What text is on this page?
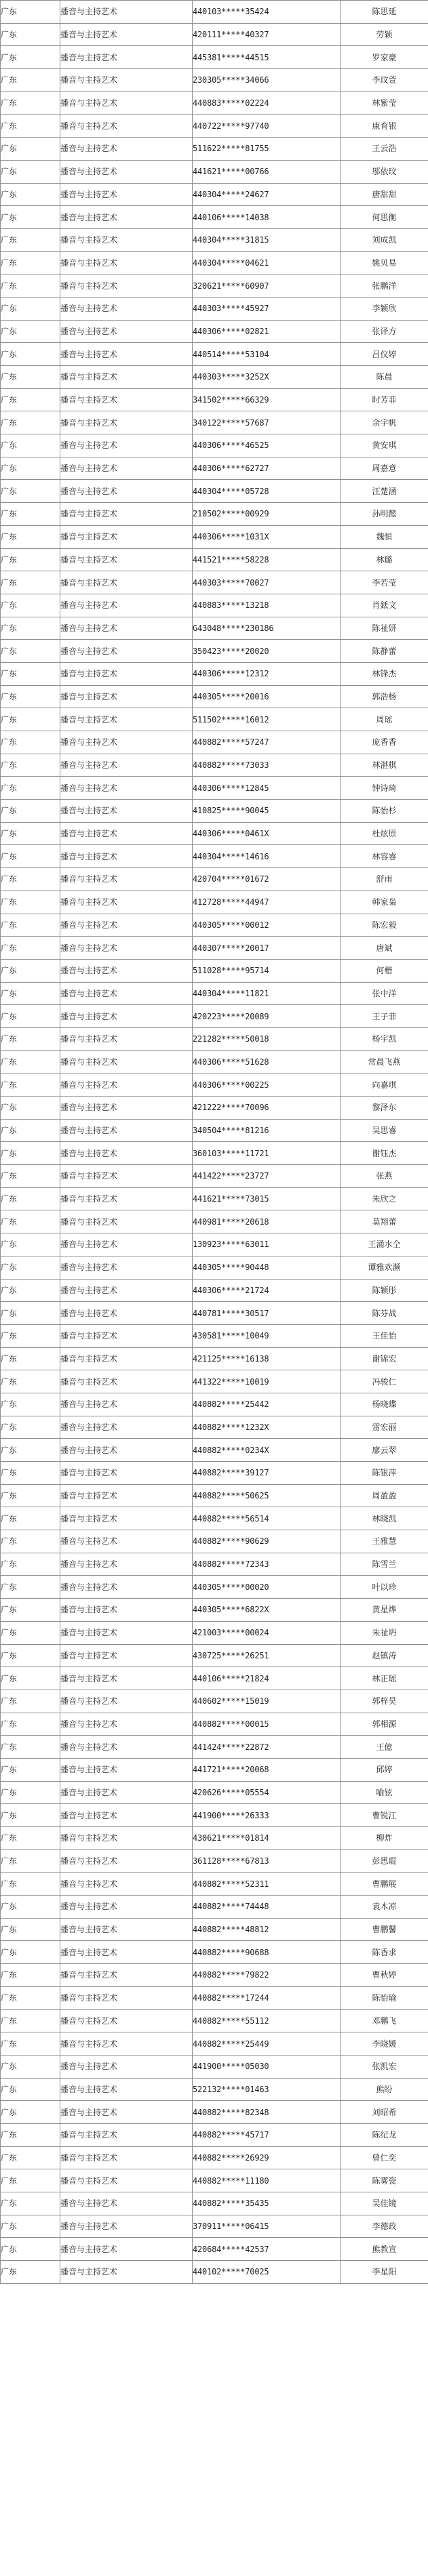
广东	播音与主持艺术	440103*****35424	陈思延
广东	播音与主持艺术	420111*****40327	劳颖
广东	播音与主持艺术	445381*****44515	罗家豪
广东	播音与主持艺术	230305*****34066	李玟萱
广东	播音与主持艺术	440883*****02224	林紫莹
广东	播音与主持艺术	440722*****97740	康育银
广东	播音与主持艺术	511622*****81755	王云浩
广东	播音与主持艺术	441621*****00766	邬依玟
广东	播音与主持艺术	440304*****24627	唐甜甜
广东	播音与主持艺术	440106*****14038	何思衡
广东	播音与主持艺术	440304*****31815	刘成凯
广东	播音与主持艺术	440304*****04621	姚贝易
广东	播音与主持艺术	320621*****60907	张鹏洋
广东	播音与主持艺术	440303*****45927	李颖欣
广东	播音与主持艺术	440306*****02821	张译方
广东	播音与主持艺术	440514*****53104	吕仪婷
广东	播音与主持艺术	440303*****3252X	陈晨
广东	播音与主持艺术	341502*****66329	时芳菲
广东	播音与主持艺术	340122*****57687	余宇帆
广东	播音与主持艺术	440306*****46525	黄安琪
广东	播音与主持艺术	440306*****62727	周嘉意
广东	播音与主持艺术	440304*****05728	汪楚涵
广东	播音与主持艺术	210502*****00929	孙明懿
广东	播音与主持艺术	440306*****1031X	魏恒
广东	播音与主持艺术	441521*****58228	林璐
广东	播音与主持艺术	440303*****70027	李若莹
广东	播音与主持艺术	440883*****13218	肖銩文
广东	播音与主持艺术	G43048*****230186	陈祉妍
广东	播音与主持艺术	350423*****20020	陈静蕾
广东	播音与主持艺术	440306*****12312	林锋杰
广东	播音与主持艺术	440305*****20016	郭浩杨
广东	播音与主持艺术	511502*****16012	周瑶
广东	播音与主持艺术	440882*****57247	庞香香
广东	播音与主持艺术	440882*****73033	林湛棋
广东	播音与主持艺术	440306*****12845	钟诗琦
广东	播音与主持艺术	410825*****90045	陈怡杉
广东	播音与主持艺术	440306*****0461X	杜炫原
广东	播音与主持艺术	440304*****14616	林容睿
广东	播音与主持艺术	420704*****01672	舒雨
广东	播音与主持艺术	412728*****44947	韩家枭
广东	播音与主持艺术	440305*****00012	陈宏毅
广东	播音与主持艺术	440307*****20017	唐斌
广东	播音与主持艺术	511028*****95714	何楷
广东	播音与主持艺术	440304*****11821	张中洋
广东	播音与主持艺术	420223*****20089	王子菲
广东	播音与主持艺术	221282*****50018	杨宇凯
广东	播音与主持艺术	440306*****51628	常晨飞燕
广东	播音与主持艺术	440306*****00225	向嘉琪
广东	播音与主持艺术	421222*****70096	黎泽东
广东	播音与主持艺术	340504*****81216	吴思睿
广东	播音与主持艺术	360103*****11721	谢钰杰
广东	播音与主持艺术	441422*****23727	张燕
广东	播音与主持艺术	441621*****73015	朱欣之
广东	播音与主持艺术	440981*****20618	莫翔蕾
广东	播音与主持艺术	130923*****63011	王涌水仝
广东	播音与主持艺术	440305*****90448	谭雅欢濒
广东	播音与主持艺术	440306*****21724	陈颖彤
广东	播音与主持艺术	440781*****30517	陈芬战
广东	播音与主持艺术	430581*****10049	王佳怡
广东	播音与主持艺术	421125*****16138	谢锦宏
广东	播音与主持艺术	441322*****10019	冯骏仁
广东	播音与主持艺术	440882*****25442	杨晓蝶
广东	播音与主持艺术	440882*****1232X	雷宏丽
广东	播音与主持艺术	440882*****0234X	廖云翠
广东	播音与主持艺术	440882*****39127	陈银萍
广东	播音与主持艺术	440882*****50625	周盈盈
广东	播音与主持艺术	440882*****56514	林晓凯
广东	播音与主持艺术	440882*****90629	王雅慧
广东	播音与主持艺术	440882*****72343	陈雪兰
广东	播音与主持艺术	440305*****00020	叶以珍
广东	播音与主持艺术	440305*****6822X	黄星烨
广东	播音与主持艺术	421003*****00024	朱祉坍
广东	播音与主持艺术	430725*****26251	赵镇涛
广东	播音与主持艺术	440106*****21824	林正瑶
广东	播音与主持艺术	440602*****15019	郭梓昊
广东	播音与主持艺术	440882*****00015	郭相源
广东	播音与主持艺术	441424*****22872	王億
广东	播音与主持艺术	441721*****20068	邱婷
广东	播音与主持艺术	420626*****05554	喻铉
广东	播音与主持艺术	441900*****26333	曹锐江
广东	播音与主持艺术	430621*****01814	柳炸
广东	播音与主持艺术	361128*****67813	彭思琨
广东	播音与主持艺术	440882*****52311	曹鹏展
广东	播音与主持艺术	440882*****74448	袁木凉
广东	播音与主持艺术	440882*****48812	曹鹏馨
广东	播音与主持艺术	440882*****90688	陈香求
广东	播音与主持艺术	440882*****79822	曹秋婷
广东	播音与主持艺术	440882*****17244	陈怡瑜
广东	播音与主持艺术	440882*****55112	邓鹏飞
广东	播音与主持艺术	440882*****25449	李晓媛
广东	播音与主持艺术	441900*****05030	张凯宏
广东	播音与主持艺术	522132*****01463	熊盼
广东	播音与主持艺术	440882*****82348	刘昭希
广东	播音与主持艺术	440882*****45717	陈纪龙
广东	播音与主持艺术	440882*****26929	曾仁奕
广东	播音与主持艺术	440882*****11180	陈雾瓷
广东	播音与主持艺术	440882*****35435	吴佳镜
广东	播音与主持艺术	370911*****06415	李德政
广东	播音与主持艺术	420684*****42537	熊教宣
广东	播音与主持艺术	440102*****70025	李星阳
